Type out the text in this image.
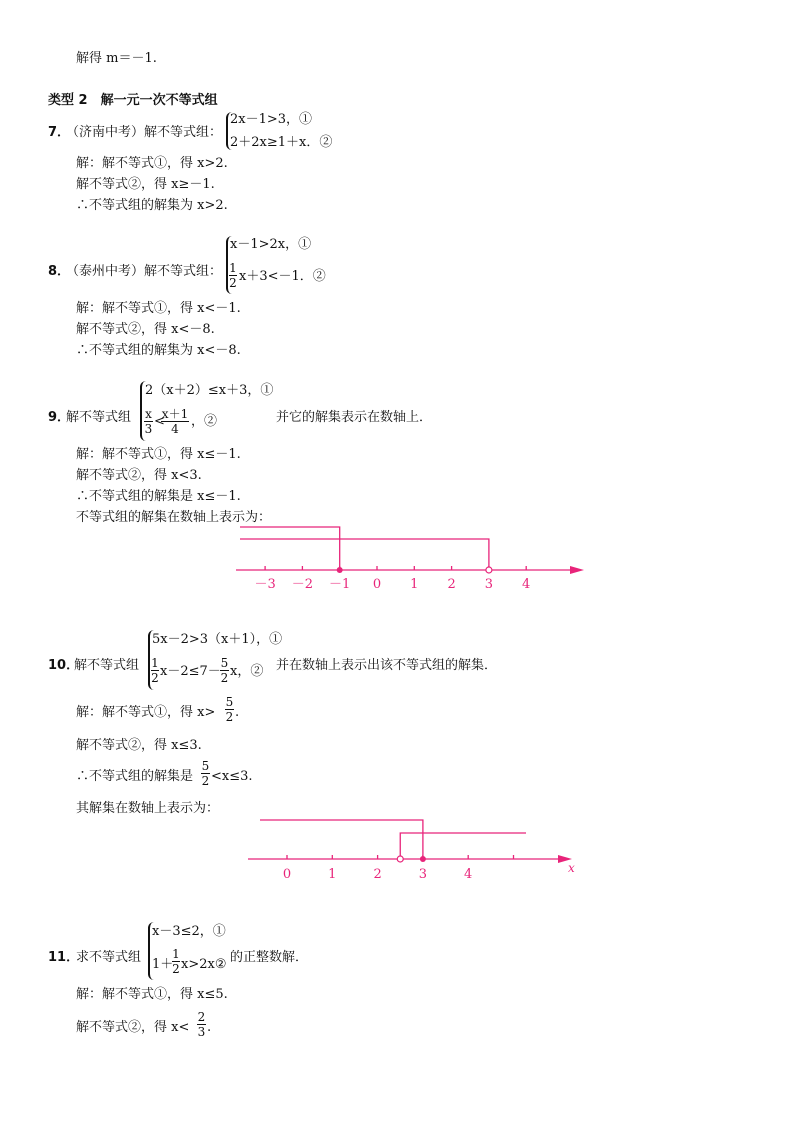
解得 m＝－1.
类型 2　解一元一次不等式组
7．
（济南中考）解不等式组：
2x－1>3，①
2＋2x≥1＋x．②
解：解不等式①，得 x>2.
解不等式②，得 x≥－1.
∴不等式组的解集为 x>2.
8．
（泰州中考）解不等式组：
x－1>2x，①
1
2 x＋3<－1．②
解：解不等式①，得 x<－1.
解不等式②，得 x<－8.
∴不等式组的解集为 x<－8.
9．
解不等式组
2（x＋2）≤x＋3，①
x
3 <
x＋1
4 ，②	并它的解集表示在数轴上．
解：解不等式①，得 x≤－1.
解不等式②，得 x<3.
∴不等式组的解集是 x≤－1.
不等式组的解集在数轴上表示为：
－3 －2 －1 0 1 2 3 4
10．
解不等式组
5x－2>3（x＋1），①
1
2 x－2≤7－
5
2 x，② 并在数轴上表示出该不等式组的解集．
解：解不等式①，得 x>
5
2 .
解不等式②，得 x≤3.
∴不等式组的解集是
5
2 <x≤3.
其解集在数轴上表示为：
0	1	2	3	4	x
11．
求不等式组
x－3≤2，①
1＋
1
2 x>2x② 的正整数解．
解：解不等式①，得 x≤5.
解不等式②，得 x<
2
3 .
